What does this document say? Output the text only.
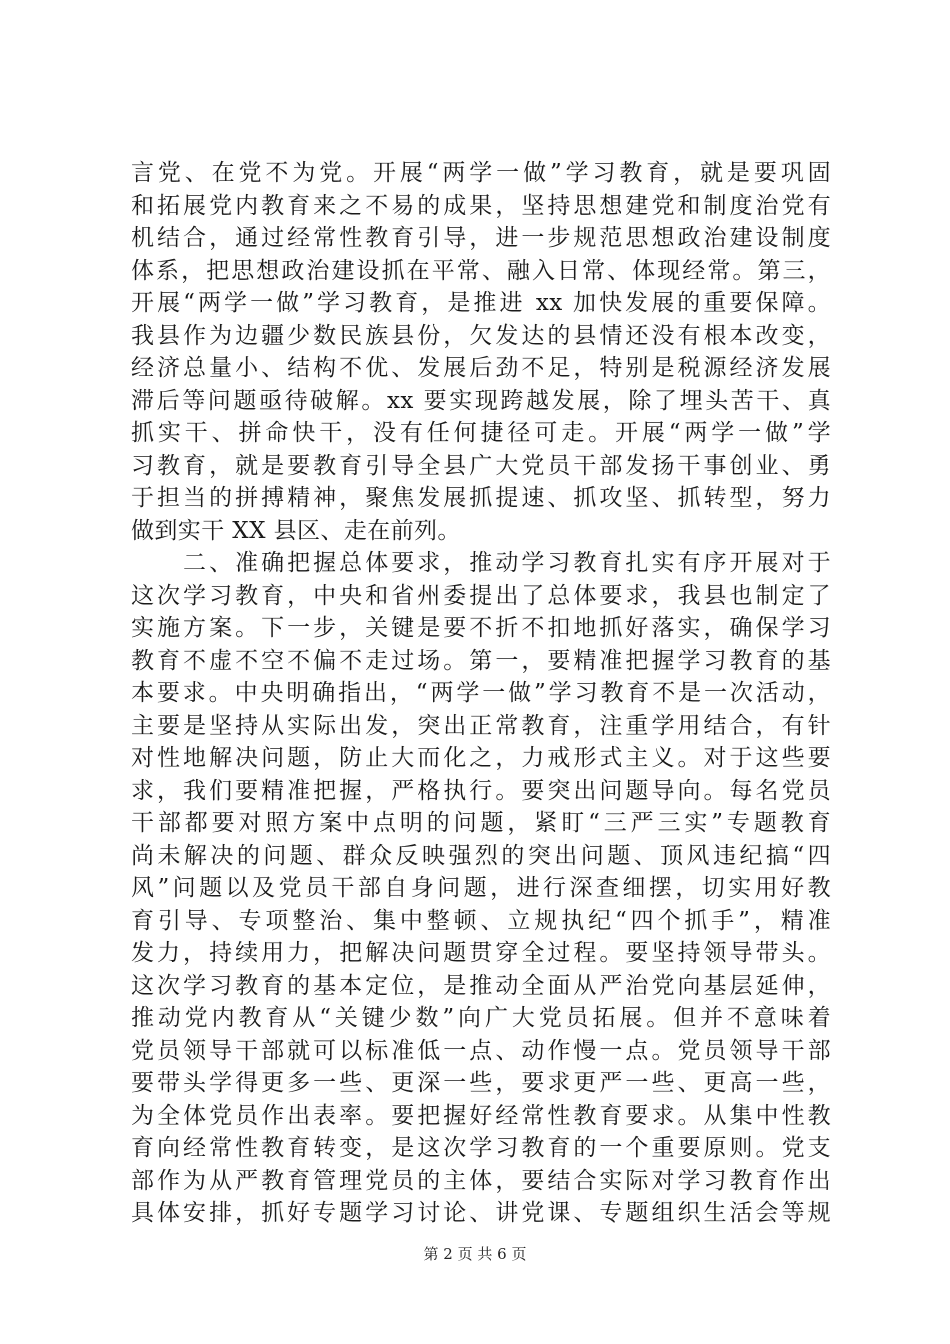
言党、在党不为党。开展“两学一做”学习教育，就是要巩固
和拓展党内教育来之不易的成果，坚持思想建党和制度治党有
机结合，通过经常性教育引导，进一步规范思想政治建设制度
体系，把思想政治建设抓在平常、融入日常、体现经常。第三，
开展“两学一做”学习教育，是推进 xx 加快发展的重要保障。
我县作为边疆少数民族县份，欠发达的县情还没有根本改变，
经济总量小、结构不优、发展后劲不足，特别是税源经济发展
滞后等问题亟待破解。xx 要实现跨越发展，除了埋头苦干、真
抓实干、拼命快干，没有任何捷径可走。开展“两学一做”学
习教育，就是要教育引导全县广大党员干部发扬干事创业、勇
于担当的拼搏精神，聚焦发展抓提速、抓攻坚、抓转型，努力
做到实干 XX 县区、走在前列。
　　二、准确把握总体要求，推动学习教育扎实有序开展对于
这次学习教育，中央和省州委提出了总体要求，我县也制定了
实施方案。下一步，关键是要不折不扣地抓好落实，确保学习
教育不虚不空不偏不走过场。第一，要精准把握学习教育的基
本要求。中央明确指出，“两学一做”学习教育不是一次活动，
主要是坚持从实际出发，突出正常教育，注重学用结合，有针
对性地解决问题，防止大而化之，力戒形式主义。对于这些要
求，我们要精准把握，严格执行。要突出问题导向。每名党员
干部都要对照方案中点明的问题，紧盯“三严三实”专题教育
尚未解决的问题、群众反映强烈的突出问题、顶风违纪搞“四
风”问题以及党员干部自身问题，进行深查细摆，切实用好教
育引导、专项整治、集中整顿、立规执纪“四个抓手”，精准
发力，持续用力，把解决问题贯穿全过程。要坚持领导带头。
这次学习教育的基本定位，是推动全面从严治党向基层延伸，
推动党内教育从“关键少数”向广大党员拓展。但并不意味着
党员领导干部就可以标准低一点、动作慢一点。党员领导干部
要带头学得更多一些、更深一些，要求更严一些、更高一些，
为全体党员作出表率。要把握好经常性教育要求。从集中性教
育向经常性教育转变，是这次学习教育的一个重要原则。党支
部作为从严教育管理党员的主体，要结合实际对学习教育作出
具体安排，抓好专题学习讨论、讲党课、专题组织生活会等规
第 2 页 共 6 页
